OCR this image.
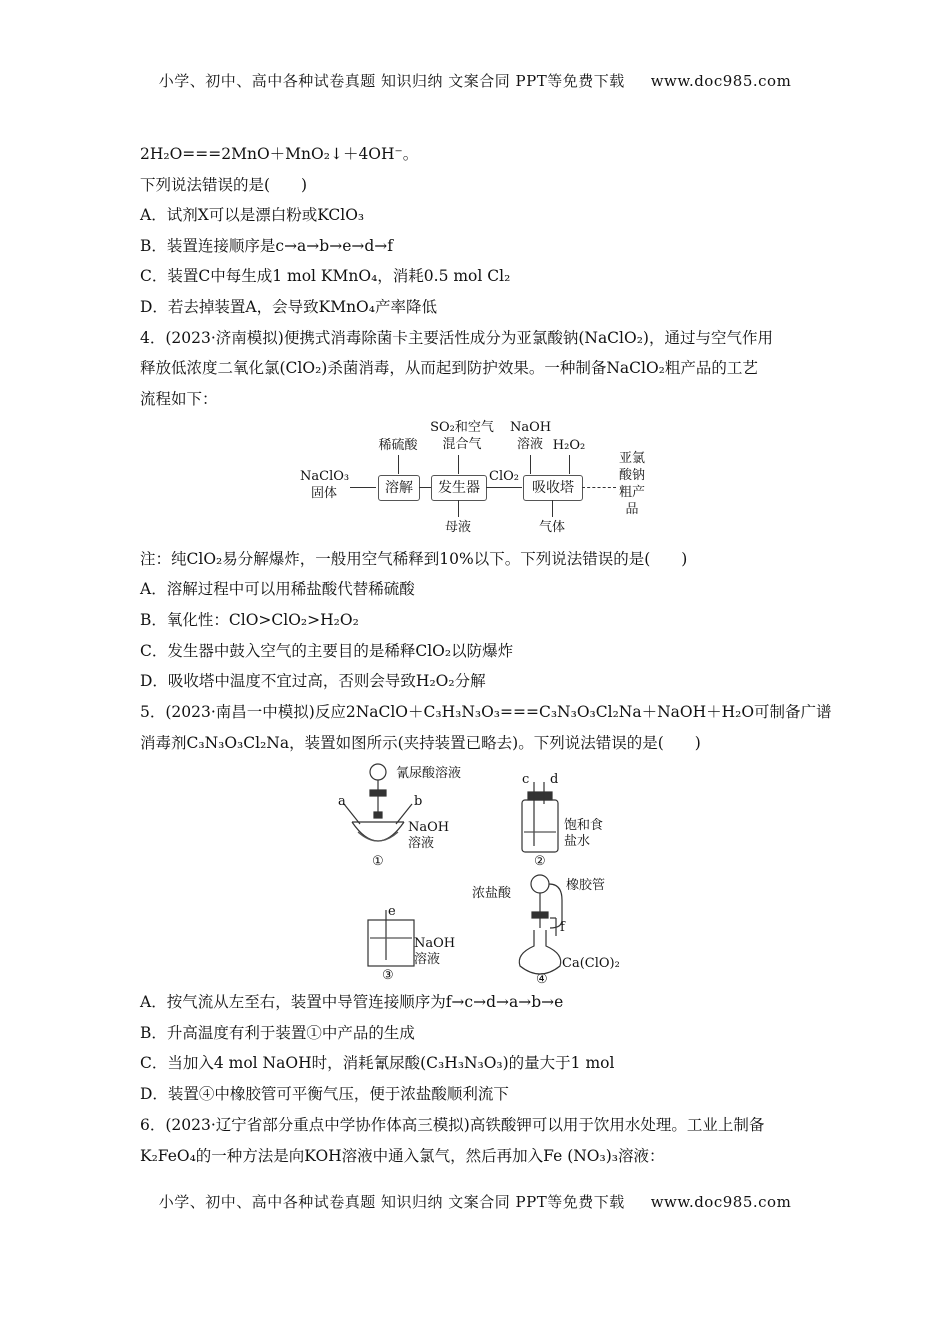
小学、初中、高中各种试卷真题 知识归纳 文案合同 PPT等免费下载 www.doc985.com
2H₂O===2MnO＋MnO₂↓＋4OH⁻。
下列说法错误的是(　　)
A．试剂X可以是漂白粉或KClO₃
B．装置连接顺序是c→a→b→e→d→f
C．装置C中每生成1 mol KMnO₄，消耗0.5 mol Cl₂
D．若去掉装置A，会导致KMnO₄产率降低
4．(2023·济南模拟)便携式消毒除菌卡主要活性成分为亚氯酸钠(NaClO₂)，通过与空气作用
释放低浓度二氧化氯(ClO₂)杀菌消毒，从而起到防护效果。一种制备NaClO₂粗产品的工艺
流程如下：
NaClO₃固体	溶解	发生器
ClO₂
吸收塔
亚氯酸钠粗产品
稀硫酸
SO₂和空气混合气
NaOH溶液 H₂O₂
母液	气体
注：纯ClO₂易分解爆炸，一般用空气稀释到10%以下。下列说法错误的是(　　)
A．溶解过程中可以用稀盐酸代替稀硫酸
B．氧化性：ClO>ClO₂>H₂O₂
C．发生器中鼓入空气的主要目的是稀释ClO₂以防爆炸
D．吸收塔中温度不宜过高，否则会导致H₂O₂分解
5．(2023·南昌一中模拟)反应2NaClO＋C₃H₃N₃O₃===C₃N₃O₃Cl₂Na＋NaOH＋H₂O可制备广谱
消毒剂C₃N₃O₃Cl₂Na，装置如图所示(夹持装置已略去)。下列说法错误的是(　　)
氰尿酸溶液
a	b
NaOH溶液
①
c d
饱和食盐水
②
e
NaOH溶液
③
浓盐酸
橡胶管
f
Ca(ClO)₂
④
A．按气流从左至右，装置中导管连接顺序为f→c→d→a→b→e
B．升高温度有利于装置①中产品的生成
C．当加入4 mol NaOH时，消耗氰尿酸(C₃H₃N₃O₃)的量大于1 mol
D．装置④中橡胶管可平衡气压，便于浓盐酸顺利流下
6．(2023·辽宁省部分重点中学协作体高三模拟)高铁酸钾可以用于饮用水处理。工业上制备
K₂FeO₄的一种方法是向KOH溶液中通入氯气，然后再加入Fe (NO₃)₃溶液：
小学、初中、高中各种试卷真题 知识归纳 文案合同 PPT等免费下载 www.doc985.com
